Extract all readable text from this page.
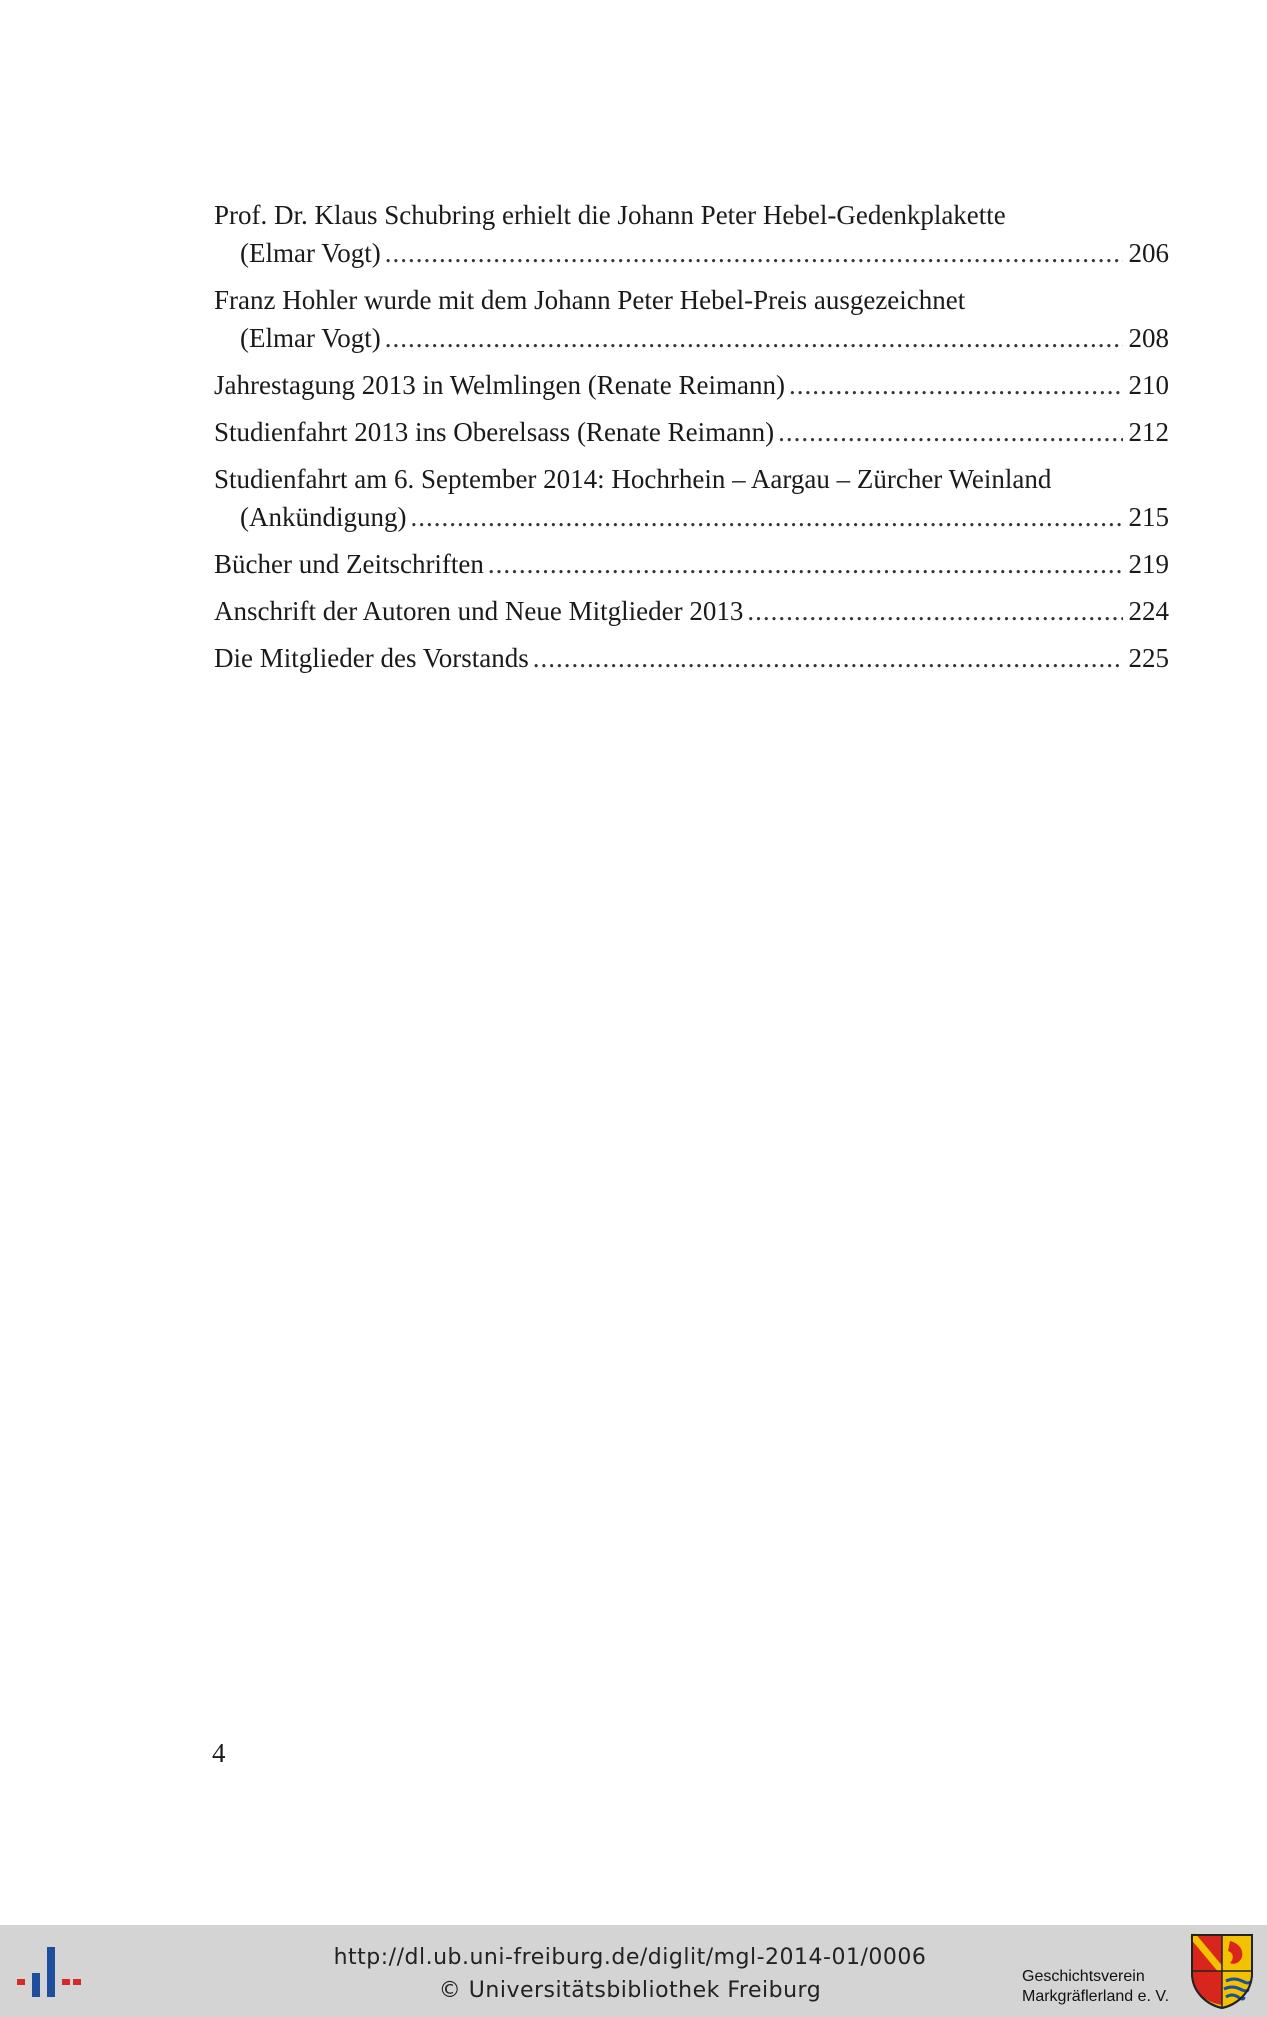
Prof. Dr. Klaus Schubring erhielt die Johann Peter Hebel-Gedenkplakette
(Elmar Vogt) .....	206
Franz Hohler wurde mit dem Johann Peter Hebel-Preis ausgezeichnet
(Elmar Vogt) .....	208
Jahrestagung 2013 in Welmlingen (Renate Reimann) .....	210
Studienfahrt 2013 ins Oberelsass (Renate Reimann) .....	212
Studienfahrt am 6. September 2014: Hochrhein – Aargau – Zürcher Weinland
(Ankündigung) .....	215
Bücher und Zeitschriften .....	219
Anschrift der Autoren und Neue Mitglieder 2013 .....	224
Die Mitglieder des Vorstands .....	225
4
http://dl.ub.uni-freiburg.de/diglit/mgl-2014-01/0006
© Universitätsbibliothek Freiburg
Geschichtsverein
Markgräflerland e. V.
